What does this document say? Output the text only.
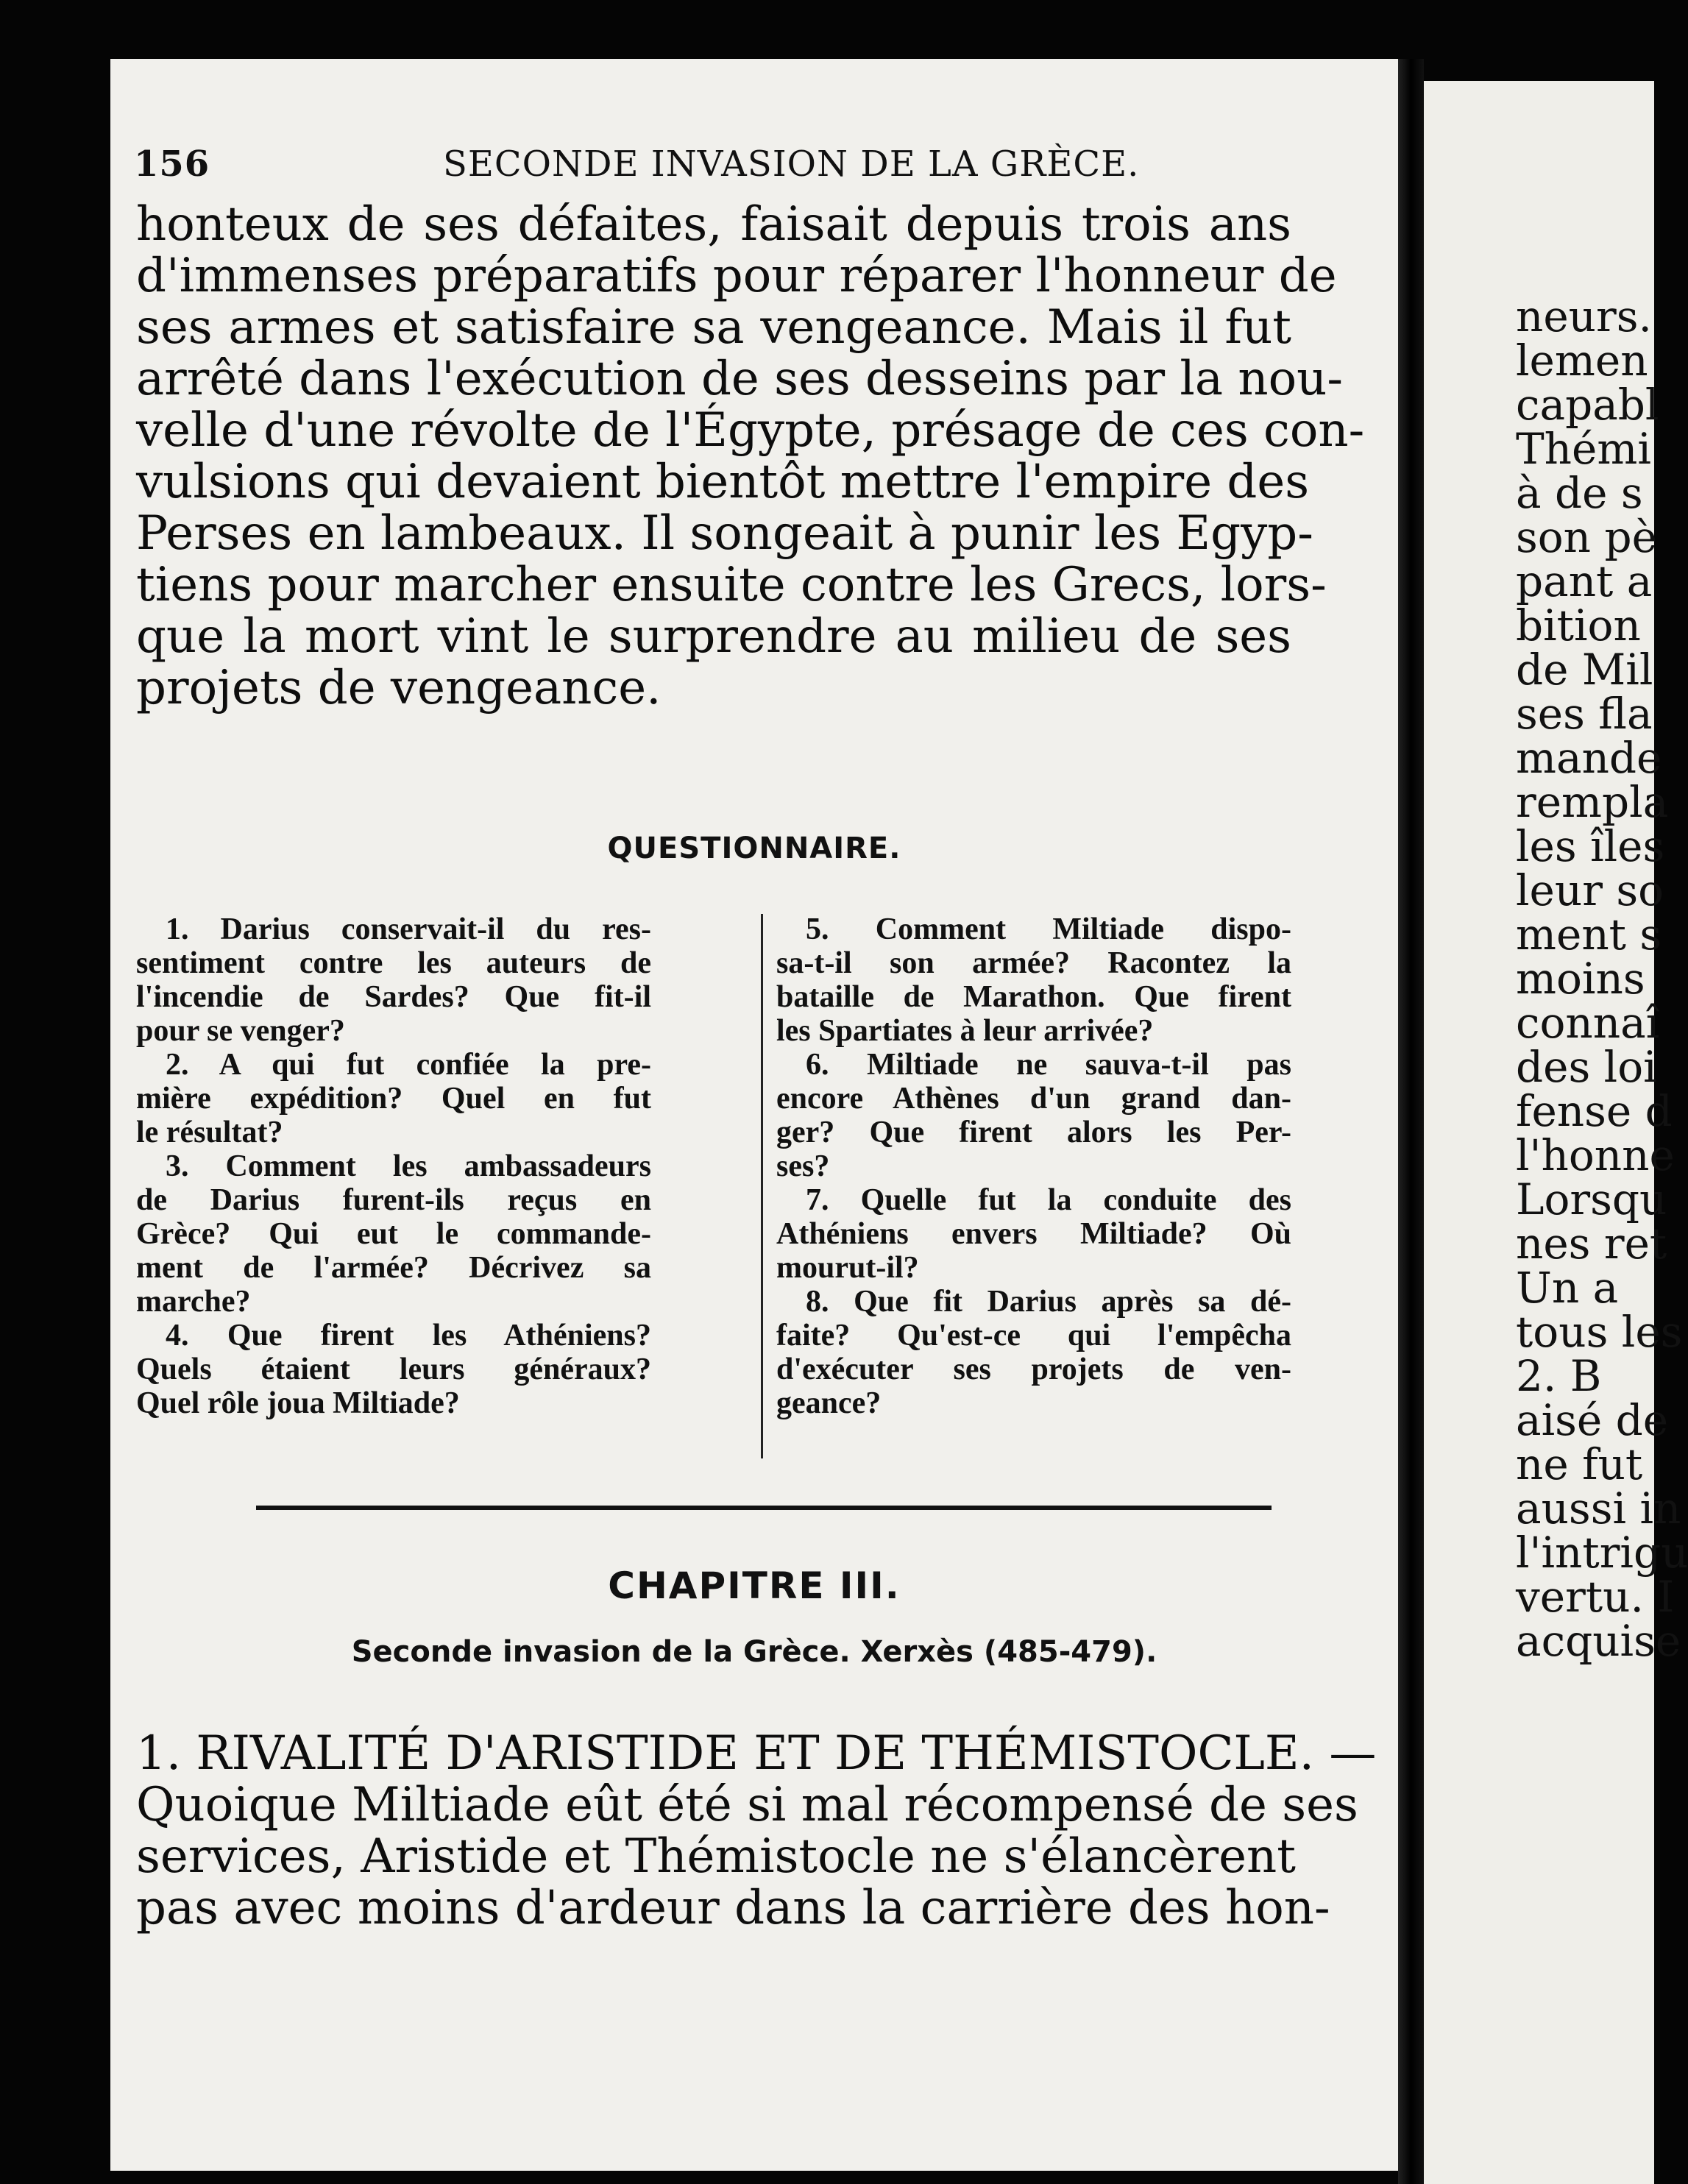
156	SECONDE INVASION DE LA GRÈCE.
honteux de ses défaites, faisait depuis trois ans
d'immenses préparatifs pour réparer l'honneur de
ses armes et satisfaire sa vengeance. Mais il fut
arrêté dans l'exécution de ses desseins par la nou-
velle d'une révolte de l'Égypte, présage de ces con-
vulsions qui devaient bientôt mettre l'empire des
Perses en lambeaux. Il songeait à punir les Egyp-
tiens pour marcher ensuite contre les Grecs, lors-
que la mort vint le surprendre au milieu de ses
projets de vengeance.
QUESTIONNAIRE.
1. Darius conservait-il du res-
sentiment contre les auteurs de
l'incendie de Sardes? Que fit-il
pour se venger?
2. A qui fut confiée la pre-
mière expédition? Quel en fut
le résultat?
3. Comment les ambassadeurs
de Darius furent-ils reçus en
Grèce? Qui eut le commande-
ment de l'armée? Décrivez sa
marche?
4. Que firent les Athéniens?
Quels étaient leurs généraux?
Quel rôle joua Miltiade?
5. Comment Miltiade dispo-
sa-t-il son armée? Racontez la
bataille de Marathon. Que firent
les Spartiates à leur arrivée?
6. Miltiade ne sauva-t-il pas
encore Athènes d'un grand dan-
ger? Que firent alors les Per-
ses?
7. Quelle fut la conduite des
Athéniens envers Miltiade? Où
mourut-il?
8. Que fit Darius après sa dé-
faite? Qu'est-ce qui l'empêcha
d'exécuter ses projets de ven-
geance?
CHAPITRE III.
Seconde invasion de la Grèce. Xerxès (485-479).
1. RIVALITÉ D'ARISTIDE ET DE THÉMISTOCLE. —
Quoique Miltiade eût été si mal récompensé de ses
services, Aristide et Thémistocle ne s'élancèrent
pas avec moins d'ardeur dans la carrière des hon-
neurs.
lemen
capabl
Thémi
à de s
son pè
pant a
bition
de Mil
ses fla
mande
rempla
les îles
leur so
ment s
moins
connaî
des loi
fense d
l'honne
Lorsqu
nes ret
Un a
tous les
2. B
aisé de
ne fut
aussi in
l'intrigu
vertu. I
acquise
